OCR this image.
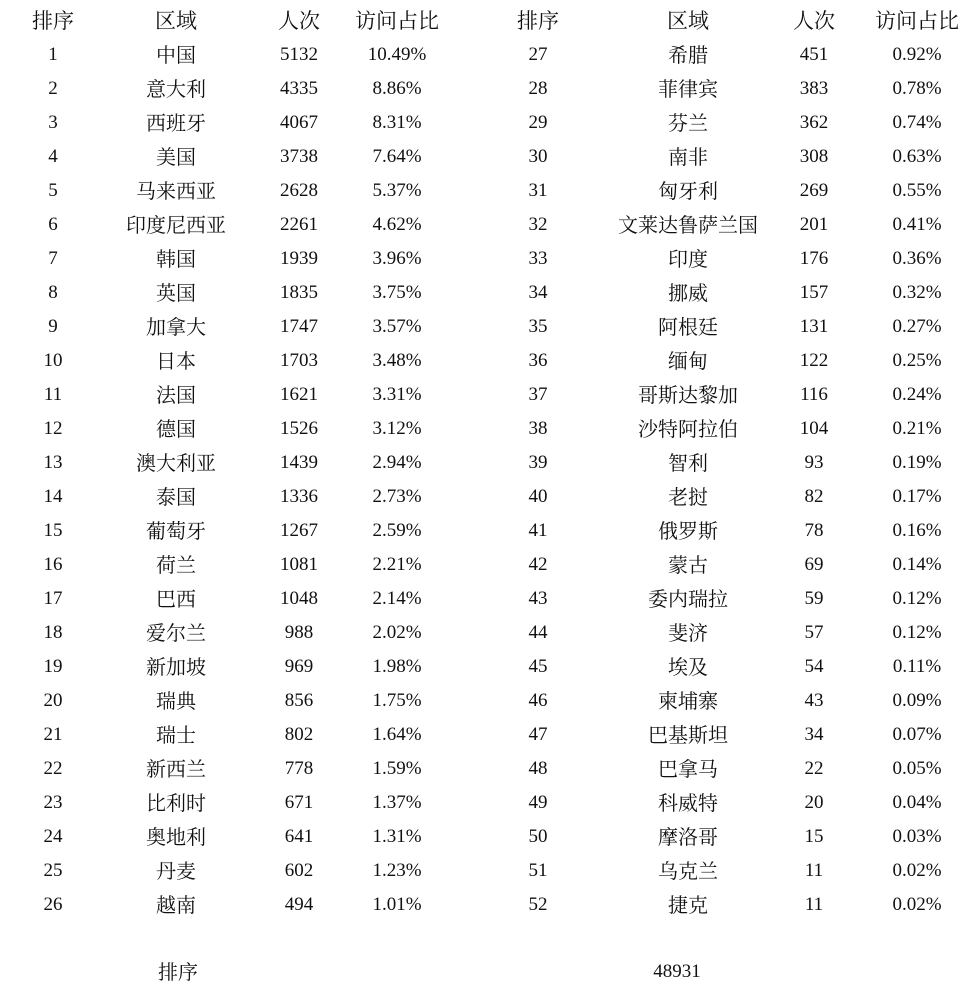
排序	区域	人次	访问占比
1	中国	5132	10.49%
2	意大利	4335	8.86%
3	西班牙	4067	8.31%
4	美国	3738	7.64%
5	马来西亚	2628	5.37%
6	印度尼西亚	2261	4.62%
7	韩国	1939	3.96%
8	英国	1835	3.75%
9	加拿大	1747	3.57%
10	日本	1703	3.48%
11	法国	1621	3.31%
12	德国	1526	3.12%
13	澳大利亚	1439	2.94%
14	泰国	1336	2.73%
15	葡萄牙	1267	2.59%
16	荷兰	1081	2.21%
17	巴西	1048	2.14%
18	爱尔兰	988	2.02%
19	新加坡	969	1.98%
20	瑞典	856	1.75%
21	瑞士	802	1.64%
22	新西兰	778	1.59%
23	比利时	671	1.37%
24	奥地利	641	1.31%
25	丹麦	602	1.23%
26	越南	494	1.01%
排序	区域	人次	访问占比
27	希腊	451	0.92%
28	菲律宾	383	0.78%
29	芬兰	362	0.74%
30	南非	308	0.63%
31	匈牙利	269	0.55%
32	文莱达鲁萨兰国	201	0.41%
33	印度	176	0.36%
34	挪威	157	0.32%
35	阿根廷	131	0.27%
36	缅甸	122	0.25%
37	哥斯达黎加	116	0.24%
38	沙特阿拉伯	104	0.21%
39	智利	93	0.19%
40	老挝	82	0.17%
41	俄罗斯	78	0.16%
42	蒙古	69	0.14%
43	委内瑞拉	59	0.12%
44	斐济	57	0.12%
45	埃及	54	0.11%
46	柬埔寨	43	0.09%
47	巴基斯坦	34	0.07%
48	巴拿马	22	0.05%
49	科威特	20	0.04%
50	摩洛哥	15	0.03%
51	乌克兰	11	0.02%
52	捷克	11	0.02%
排序	48931
